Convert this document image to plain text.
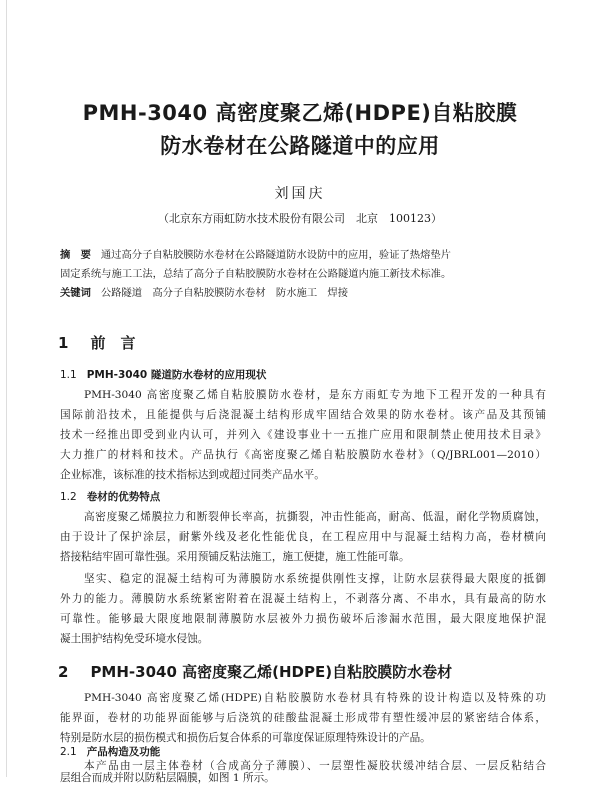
PMH-3040 高密度聚乙烯(HDPE)自粘胶膜
防水卷材在公路隧道中的应用
刘国庆
（北京东方雨虹防水技术股份有限公司　北京　100123）
摘　要 通过高分子自粘胶膜防水卷材在公路隧道防水设防中的应用，验证了热熔垫片
固定系统与施工工法，总结了高分子自粘胶膜防水卷材在公路隧道内施工新技术标准。
关键词 公路隧道　高分子自粘胶膜防水卷材　防水施工　焊接
1 前　言
1.1 PMH-3040 隧道防水卷材的应用现状
PMH-3040 高密度聚乙烯自粘胶膜防水卷材，是东方雨虹专为地下工程开发的一种具有
国际前沿技术，且能提供与后浇混凝土结构形成牢固结合效果的防水卷材。该产品及其预铺
技术一经推出即受到业内认可，并列入《建设事业十一五推广应用和限制禁止使用技术目录》
大力推广的材料和技术。产品执行《高密度聚乙烯自粘胶膜防水卷材》（Q/JBRL001—2010）
企业标准，该标准的技术指标达到或超过同类产品水平。
1.2 卷材的优势特点
高密度聚乙烯膜拉力和断裂伸长率高，抗撕裂，冲击性能高，耐高、低温，耐化学物质腐蚀，
由于设计了保护涂层，耐紫外线及老化性能优良，在工程应用中与混凝土结构力高，卷材横向
搭接粘结牢固可靠性强。采用预铺反粘法施工，施工便捷，施工性能可靠。
坚实、稳定的混凝土结构可为薄膜防水系统提供刚性支撑，让防水层获得最大限度的抵御
外力的能力。薄膜防水系统紧密附着在混凝土结构上，不剥落分离、不串水，具有最高的防水
可靠性。能够最大限度地限制薄膜防水层被外力损伤破坏后渗漏水范围，最大限度地保护混
凝土围护结构免受环境水侵蚀。
2 PMH-3040 高密度聚乙烯(HDPE)自粘胶膜防水卷材
PMH-3040 高密度聚乙烯(HDPE)自粘胶膜防水卷材具有特殊的设计构造以及特殊的功
能界面，卷材的功能界面能够与后浇筑的硅酸盐混凝土形成带有塑性缓冲层的紧密结合体系，
特别是防水层的损伤模式和损伤后复合体系的可靠度保证原理特殊设计的产品。
2.1 产品构造及功能
本产品由一层主体卷材（合成高分子薄膜）、一层塑性凝胶状缓冲结合层、一层反粘结合
层组合而成并附以防粘层隔膜，如图 1 所示。
